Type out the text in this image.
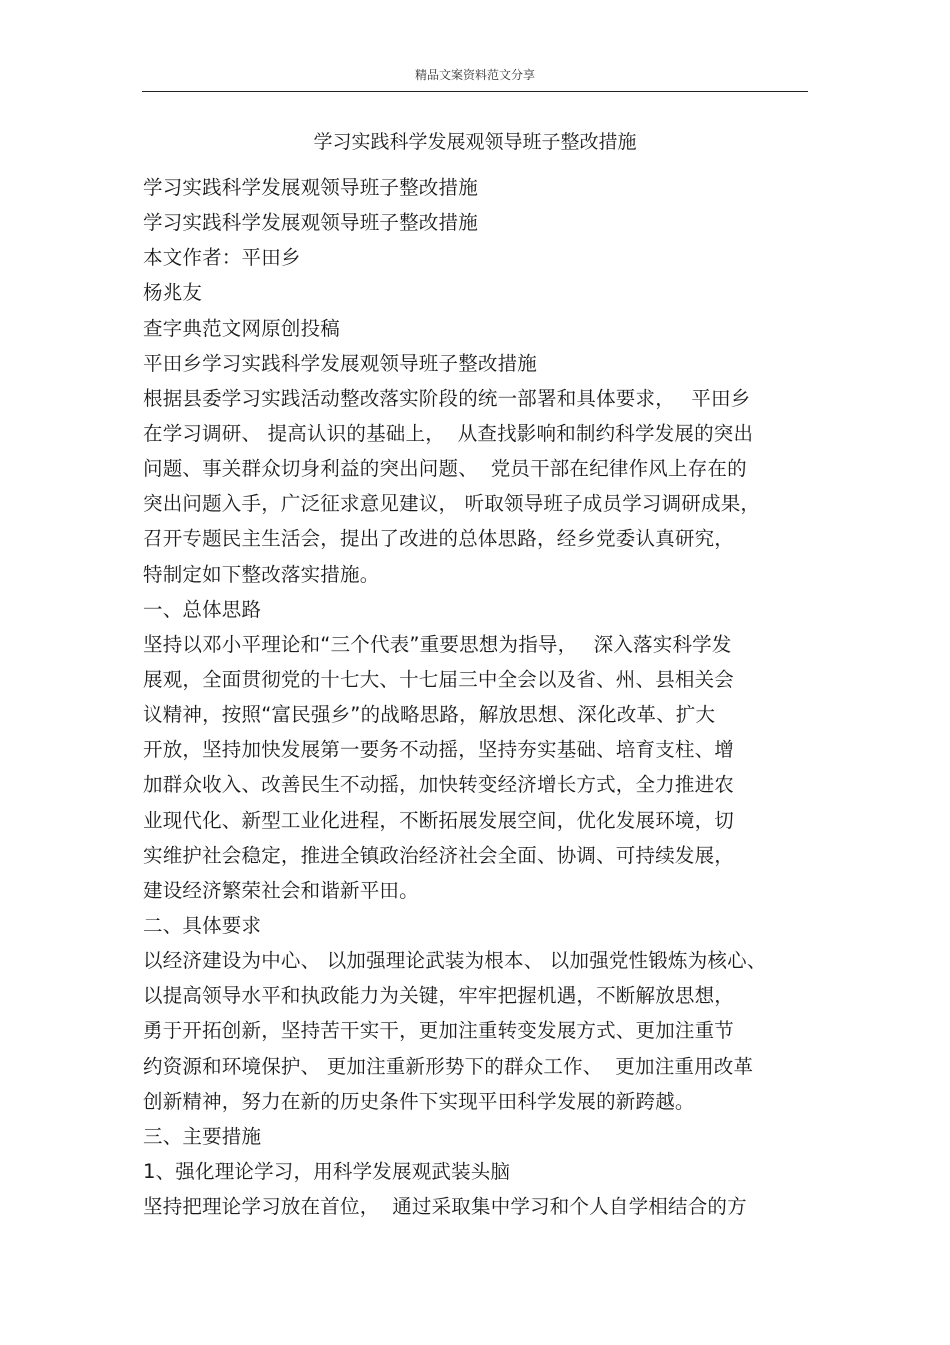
精品文案资料范文分享
学习实践科学发展观领导班子整改措施
学习实践科学发展观领导班子整改措施
学习实践科学发展观领导班子整改措施
本文作者：平田乡
杨兆友
查字典范文网原创投稿
平田乡学习实践科学发展观领导班子整改措施
根据县委学习实践活动整改落实阶段的统一部署和具体要求，　 平田乡
在学习调研、 提高认识的基础上，  从查找影响和制约科学发展的突出
问题、事关群众切身利益的突出问题、  党员干部在纪律作风上存在的
突出问题入手，广泛征求意见建议， 听取领导班子成员学习调研成果，
召开专题民主生活会，提出了改进的总体思路，经乡党委认真研究，
特制定如下整改落实措施。
一、总体思路
坚持以邓小平理论和“三个代表”重要思想为指导，　 深入落实科学发
展观，全面贯彻党的十七大、十七届三中全会以及省、州、县相关会
议精神，按照“富民强乡”的战略思路，解放思想、深化改革、扩大
开放，坚持加快发展第一要务不动摇，坚持夯实基础、培育支柱、增
加群众收入、改善民生不动摇，加快转变经济增长方式，全力推进农
业现代化、新型工业化进程，不断拓展发展空间，优化发展环境，切
实维护社会稳定，推进全镇政治经济社会全面、协调、可持续发展，
建设经济繁荣社会和谐新平田。
二、具体要求
以经济建设为中心、 以加强理论武装为根本、 以加强党性锻炼为核心、
以提高领导水平和执政能力为关键，牢牢把握机遇，不断解放思想，
勇于开拓创新，坚持苦干实干，更加注重转变发展方式、更加注重节
约资源和环境保护、 更加注重新形势下的群众工作、  更加注重用改革
创新精神，努力在新的历史条件下实现平田科学发展的新跨越。
三、主要措施
1、强化理论学习，用科学发展观武装头脑
坚持把理论学习放在首位，  通过采取集中学习和个人自学相结合的方
